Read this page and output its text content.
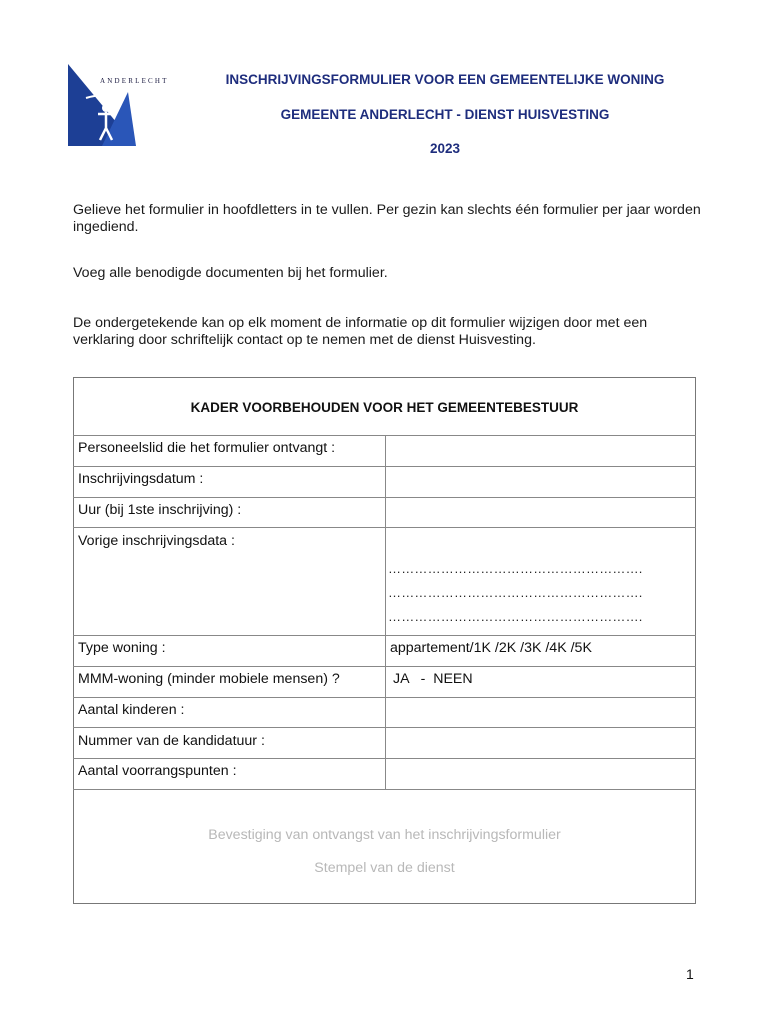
ANDERLECHT	INSCHRIJVINGSFORMULIER VOOR EEN GEMEENTELIJKE WONING
GEMEENTE ANDERLECHT - DIENST HUISVESTING
2023
Gelieve het formulier in hoofdletters in te vullen. Per gezin kan slechts één formulier per jaar worden ingediend.
Voeg alle benodigde documenten bij het formulier.
De ondergetekende kan op elk moment de informatie op dit formulier wijzigen door met een verklaring door schriftelijk contact op te nemen met de dienst Huisvesting.
KADER VOORBEHOUDEN VOOR HET GEMEENTEBESTUUR
Personeelslid die het formulier ontvangt :
Inschrijvingsdatum :
Uur (bij 1ste inschrijving) :
Vorige inschrijvingsdata :
………………………………………………….
………………………………………………….
………………………………………………….
Type woning :	appartement/1K /2K /3K /4K /5K
MMM-woning (minder mobiele mensen) ?	JA   -  NEEN
Aantal kinderen :
Nummer van de kandidatuur :
Aantal voorrangspunten :
Bevestiging van ontvangst van het inschrijvingsformulier
Stempel van de dienst
1
